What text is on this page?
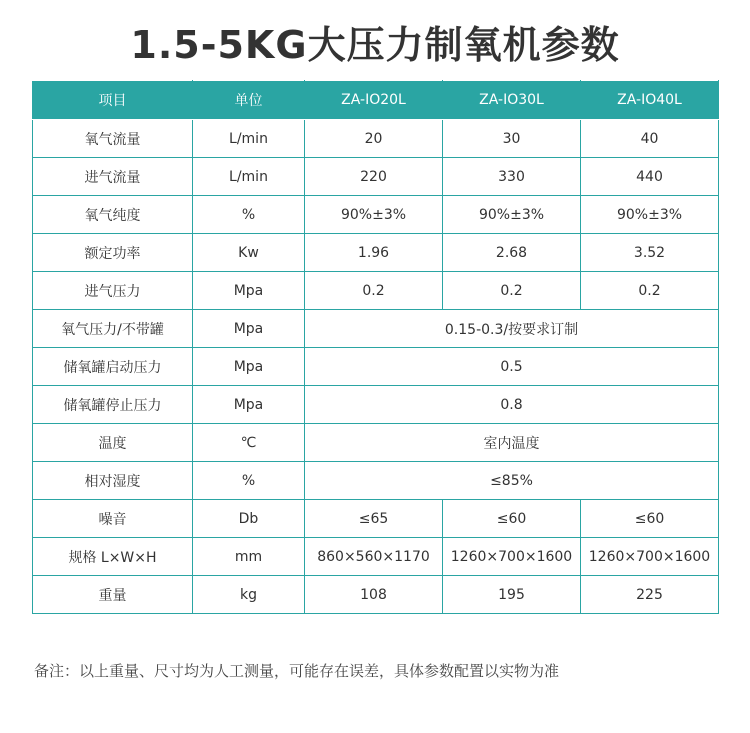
1.5-5KG大压力制氧机参数
项目	单位	ZA-IO20L	ZA-IO30L	ZA-IO40L
氧气流量	L/min	20	30	40
进气流量	L/min	220	330	440
氧气纯度	%	90%±3%	90%±3%	90%±3%
额定功率	Kw	1.96	2.68	3.52
进气压力	Mpa	0.2	0.2	0.2
氧气压力/不带罐	Mpa	0.15-0.3/按要求订制		
储氧罐启动压力	Mpa	0.5		
储氧罐停止压力	Mpa	0.8		
温度	℃	室内温度		
相对湿度	%	≤85%		
噪音	Db	≤65	≤60	≤60
规格 L×W×H	mm	860×560×1170	1260×700×1600	1260×700×1600
重量	kg	108	195	225
备注：以上重量、尺寸均为人工测量，可能存在误差，具体参数配置以实物为准
